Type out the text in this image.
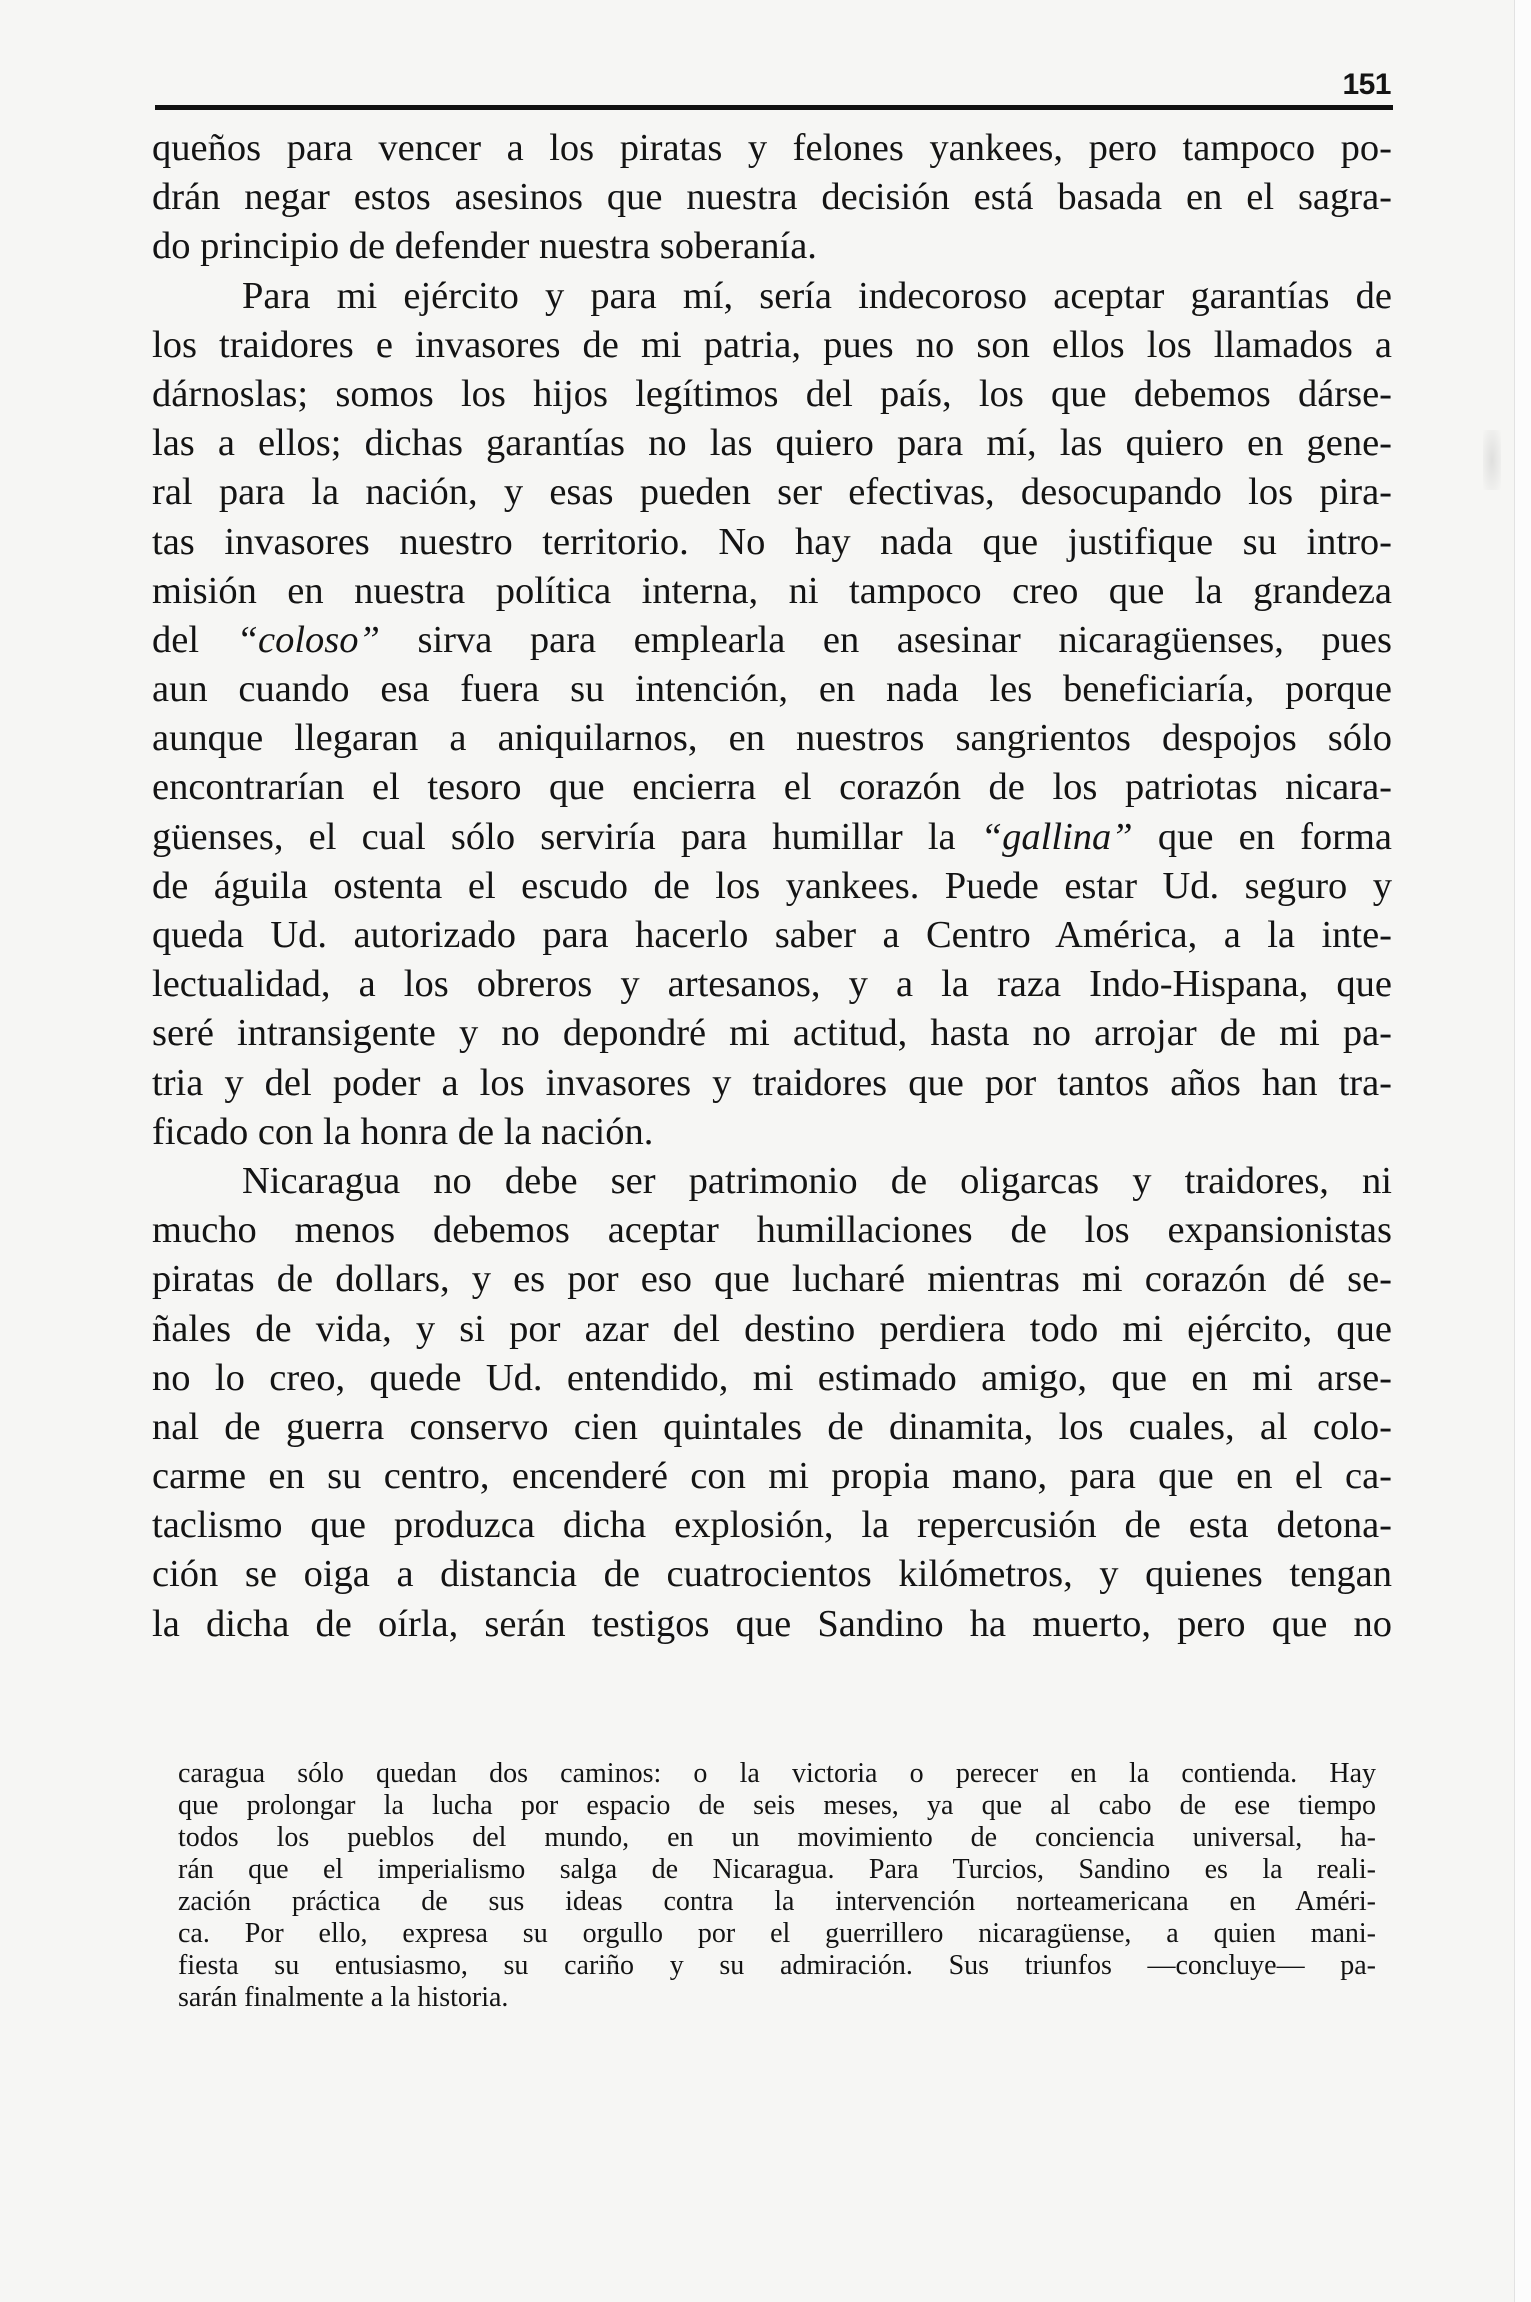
151
queños para vencer a los piratas y felones yankees, pero tampoco po-
drán negar estos asesinos que nuestra decisión está basada en el sagra-
do principio de defender nuestra soberanía.
Para mi ejército y para mí, sería indecoroso aceptar garantías de
los traidores e invasores de mi patria, pues no son ellos los llamados a
dárnoslas; somos los hijos legítimos del país, los que debemos dárse-
las a ellos; dichas garantías no las quiero para mí, las quiero en gene-
ral para la nación, y esas pueden ser efectivas, desocupando los pira-
tas invasores nuestro territorio. No hay nada que justifique su intro-
misión en nuestra política interna, ni tampoco creo que la grandeza
del “coloso” sirva para emplearla en asesinar nicaragüenses, pues
aun cuando esa fuera su intención, en nada les beneficiaría, porque
aunque llegaran a aniquilarnos, en nuestros sangrientos despojos sólo
encontrarían el tesoro que encierra el corazón de los patriotas nicara-
güenses, el cual sólo serviría para humillar la “gallina” que en forma
de águila ostenta el escudo de los yankees. Puede estar Ud. seguro y
queda Ud. autorizado para hacerlo saber a Centro América, a la inte-
lectualidad, a los obreros y artesanos, y a la raza Indo-Hispana, que
seré intransigente y no depondré mi actitud, hasta no arrojar de mi pa-
tria y del poder a los invasores y traidores que por tantos años han tra-
ficado con la honra de la nación.
Nicaragua no debe ser patrimonio de oligarcas y traidores, ni
mucho menos debemos aceptar humillaciones de los expansionistas
piratas de dollars, y es por eso que lucharé mientras mi corazón dé se-
ñales de vida, y si por azar del destino perdiera todo mi ejército, que
no lo creo, quede Ud. entendido, mi estimado amigo, que en mi arse-
nal de guerra conservo cien quintales de dinamita, los cuales, al colo-
carme en su centro, encenderé con mi propia mano, para que en el ca-
taclismo que produzca dicha explosión, la repercusión de esta detona-
ción se oiga a distancia de cuatrocientos kilómetros, y quienes tengan
la dicha de oírla, serán testigos que Sandino ha muerto, pero que no
caragua sólo quedan dos caminos: o la victoria o perecer en la contienda. Hay
que prolongar la lucha por espacio de seis meses, ya que al cabo de ese tiempo
todos los pueblos del mundo, en un movimiento de conciencia universal, ha-
rán que el imperialismo salga de Nicaragua. Para Turcios, Sandino es la reali-
zación práctica de sus ideas contra la intervención norteamericana en Améri-
ca. Por ello, expresa su orgullo por el guerrillero nicaragüense, a quien mani-
fiesta su entusiasmo, su cariño y su admiración. Sus triunfos —concluye— pa-
sarán finalmente a la historia.
